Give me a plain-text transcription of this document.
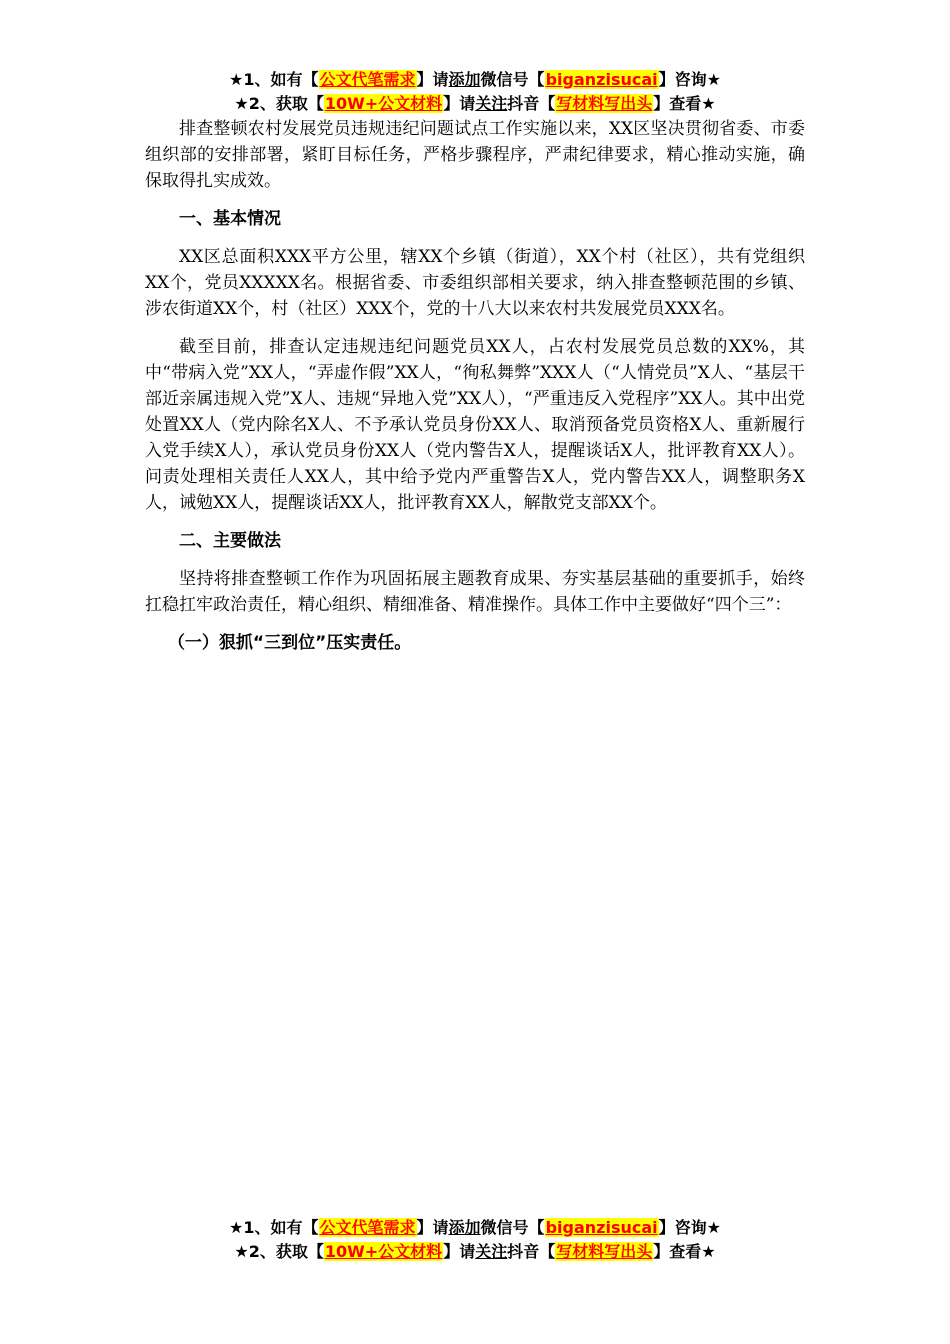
★1、如有【公文代笔需求】请添加微信号【biganzisucai】咨询★
★2、获取【10W+公文材料】请关注抖音【写材料写出头】查看★

排查整顿农村发展党员违规违纪问题试点工作实施以来，XX区坚决贯彻省委、市委组织部的安排部署，紧盯目标任务，严格步骤程序，严肃纪律要求，精心推动实施，确保取得扎实成效。

一、基本情况

XX区总面积XXX平方公里，辖XX个乡镇（街道），XX个村（社区），共有党组织XX个，党员XXXXX名。根据省委、市委组织部相关要求，纳入排查整顿范围的乡镇、涉农街道XX个，村（社区）XXX个，党的十八大以来农村共发展党员XXX名。

截至目前，排查认定违规违纪问题党员XX人，占农村发展党员总数的XX%，其中“带病入党”XX人，“弄虚作假”XX人，“徇私舞弊”XXX人（“人情党员”X人、“基层干部近亲属违规入党”X人、违规“异地入党”XX人），“严重违反入党程序”XX人。其中出党处置XX人（党内除名X人、不予承认党员身份XX人、取消预备党员资格X人、重新履行入党手续X人），承认党员身份XX人（党内警告X人，提醒谈话X人，批评教育XX人）。问责处理相关责任人XX人，其中给予党内严重警告X人，党内警告XX人，调整职务X人，诫勉XX人，提醒谈话XX人，批评教育XX人，解散党支部XX个。

二、主要做法

坚持将排查整顿工作作为巩固拓展主题教育成果、夯实基层基础的重要抓手，始终扛稳扛牢政治责任，精心组织、精细准备、精准操作。具体工作中主要做好“四个三”：

（一）狠抓“三到位”压实责任。

★1、如有【公文代笔需求】请添加微信号【biganzisucai】咨询★
★2、获取【10W+公文材料】请关注抖音【写材料写出头】查看★
